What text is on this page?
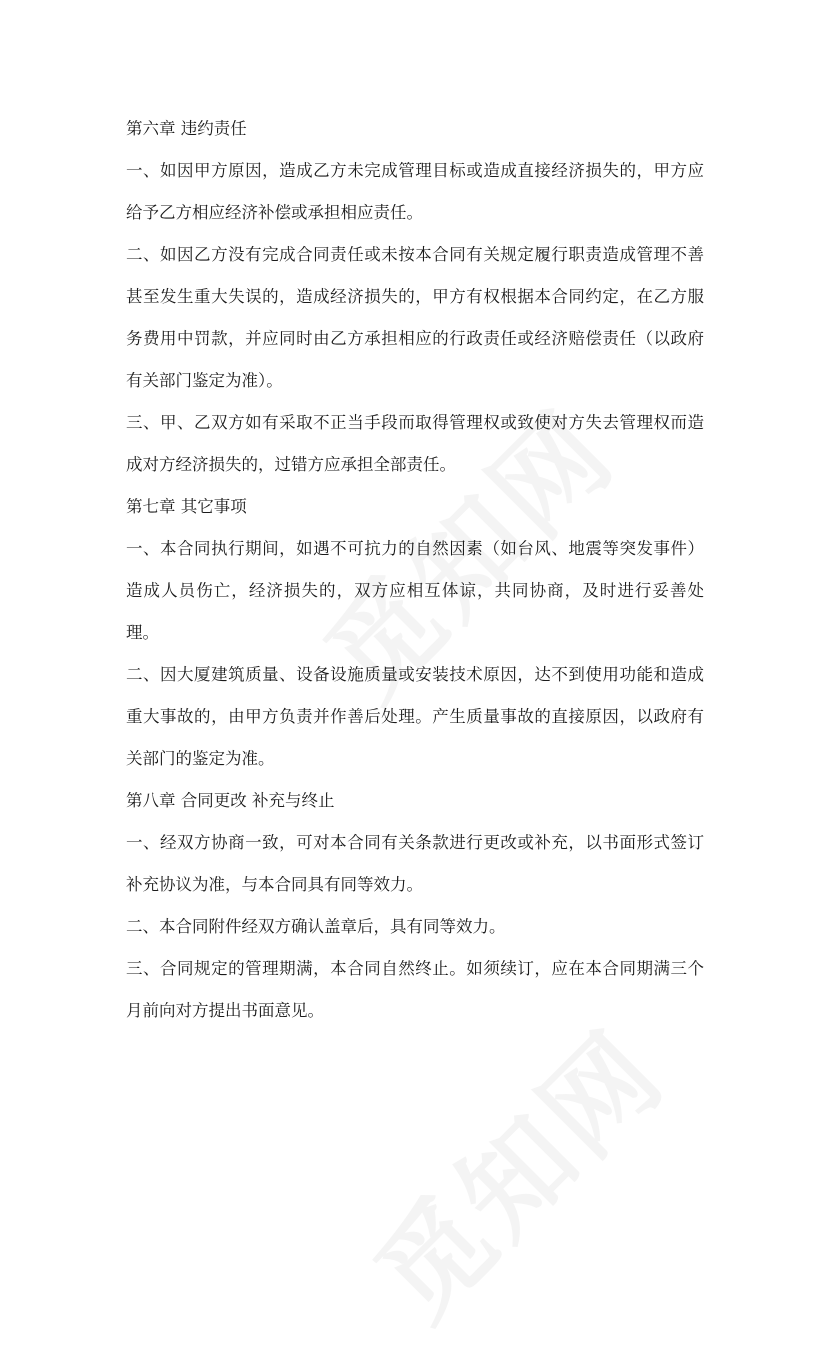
第六章 违约责任
一、如因甲方原因，造成乙方未完成管理目标或造成直接经济损失的，甲方应
给予乙方相应经济补偿或承担相应责任。
二、如因乙方没有完成合同责任或未按本合同有关规定履行职责造成管理不善
甚至发生重大失误的，造成经济损失的，甲方有权根据本合同约定，在乙方服
务费用中罚款，并应同时由乙方承担相应的行政责任或经济赔偿责任（以政府
有关部门鉴定为准）。
三、甲、乙双方如有采取不正当手段而取得管理权或致使对方失去管理权而造
成对方经济损失的，过错方应承担全部责任。
第七章 其它事项
一、本合同执行期间，如遇不可抗力的自然因素（如台风、地震等突发事件）
造成人员伤亡，经济损失的，双方应相互体谅，共同协商，及时进行妥善处
理。
二、因大厦建筑质量、设备设施质量或安装技术原因，达不到使用功能和造成
重大事故的，由甲方负责并作善后处理。产生质量事故的直接原因，以政府有
关部门的鉴定为准。
第八章 合同更改 补充与终止
一、经双方协商一致，可对本合同有关条款进行更改或补充，以书面形式签订
补充协议为准，与本合同具有同等效力。
二、本合同附件经双方确认盖章后，具有同等效力。
三、合同规定的管理期满，本合同自然终止。如须续订，应在本合同期满三个
月前向对方提出书面意见。
